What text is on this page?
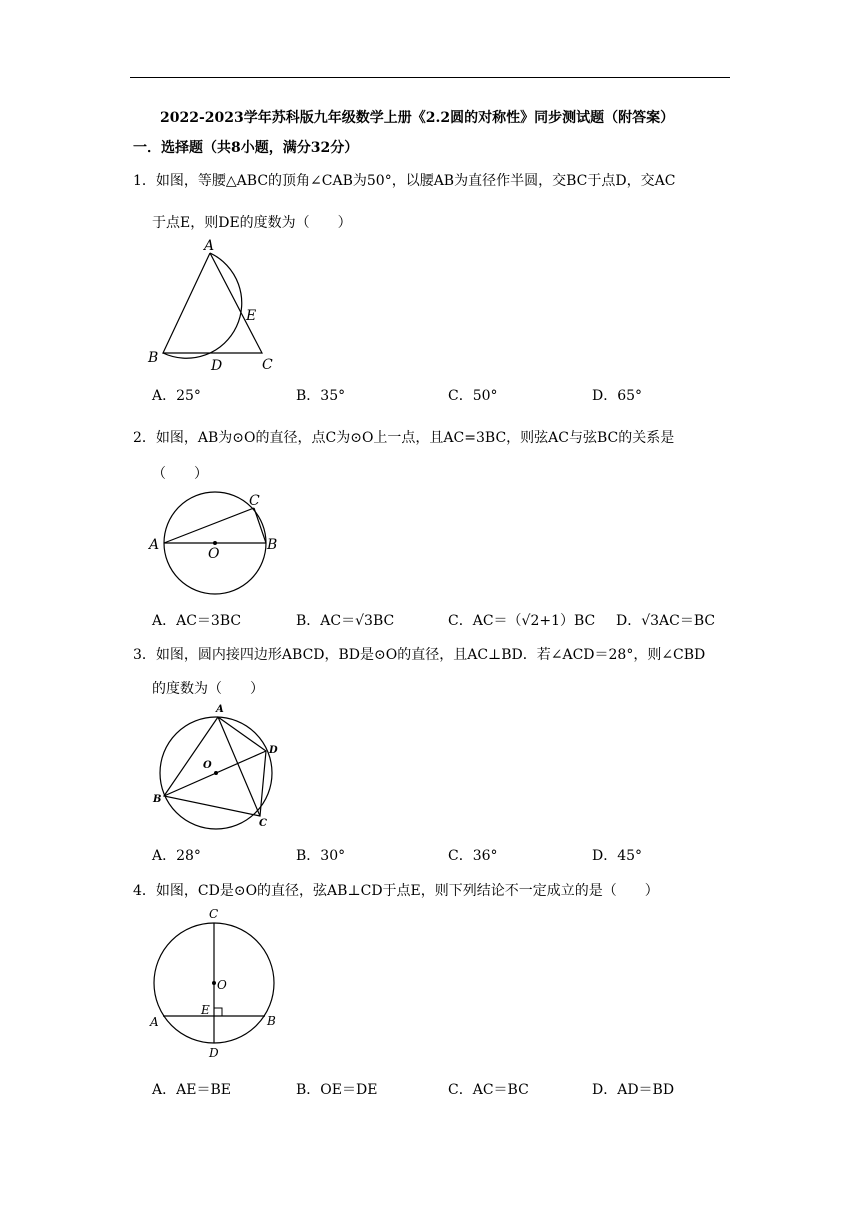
2022-2023学年苏科版九年级数学上册《2.2圆的对称性》同步测试题（附答案）
一．选择题（共8小题，满分32分）
1．如图，等腰△ABC的顶角∠CAB为50°，以腰AB为直径作半圆，交BC于点D，交AC
于点E，则DE的度数为（　　）
A
E
B	D	C
A．25°	B．35°	C．50°	D．65°
2．如图，AB为⊙O的直径，点C为⊙O上一点，且AC=3BC，则弦AC与弦BC的关系是
（　　）
C
A
O
B
A．AC＝3BC	B．AC＝√3BC	C．AC＝（√2+1）BC D．√3AC＝BC
3．如图，圆内接四边形ABCD，BD是⊙O的直径，且AC⊥BD．若∠ACD＝28°，则∠CBD
的度数为（　　）
A
D
O
B
C
A．28°	B．30°	C．36°	D．45°
4．如图，CD是⊙O的直径，弦AB⊥CD于点E，则下列结论不一定成立的是（　　）
C
O
E
A	B
D
A．AE＝BE	B．OE＝DE	C．AC＝BC	D．AD＝BD
